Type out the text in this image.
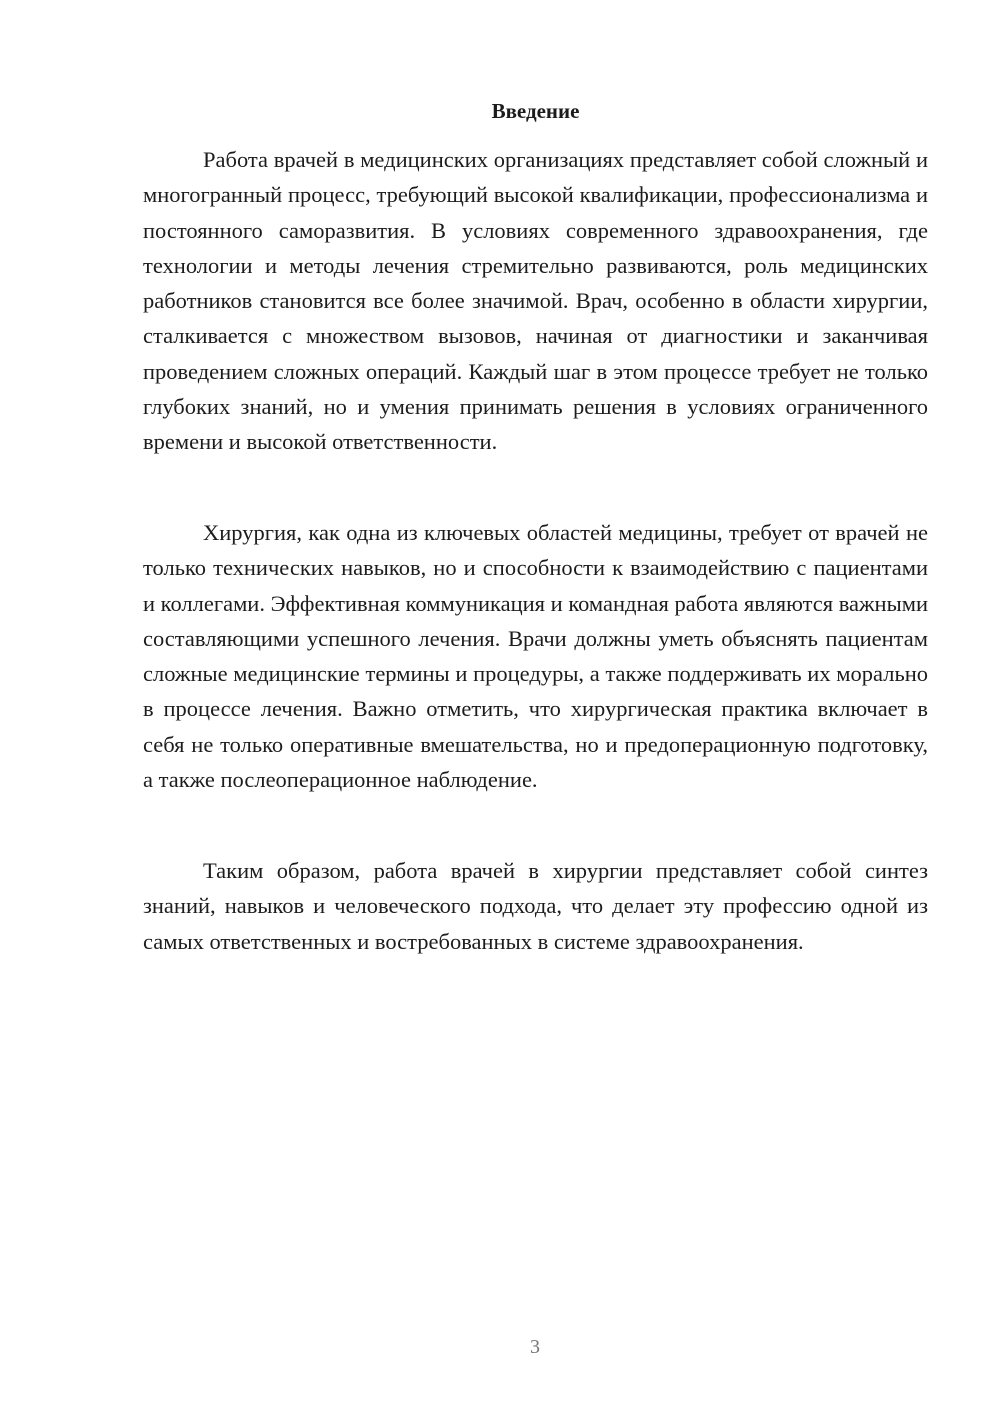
Введение

Работа врачей в медицинских организациях представляет собой сложный и многогранный процесс, требующий высокой квалификации, профессионализма и постоянного саморазвития. В условиях современного здравоохранения, где технологии и методы лечения стремительно развиваются, роль медицинских работников становится все более значимой. Врач, особенно в области хирургии, сталкивается с множеством вызовов, начиная от диагностики и заканчивая проведением сложных операций. Каждый шаг в этом процессе требует не только глубоких знаний, но и умения принимать решения в условиях ограниченного времени и высокой ответственности.

Хирургия, как одна из ключевых областей медицины, требует от врачей не только технических навыков, но и способности к взаимодействию с пациентами и коллегами. Эффективная коммуникация и командная работа являются важными составляющими успешного лечения. Врачи должны уметь объяснять пациентам сложные медицинские термины и процедуры, а также поддерживать их морально в процессе лечения. Важно отметить, что хирургическая практика включает в себя не только оперативные вмешательства, но и предоперационную подготовку, а также послеоперационное наблюдение.

Таким образом, работа врачей в хирургии представляет собой синтез знаний, навыков и человеческого подхода, что делает эту профессию одной из самых ответственных и востребованных в системе здравоохранения.

3
